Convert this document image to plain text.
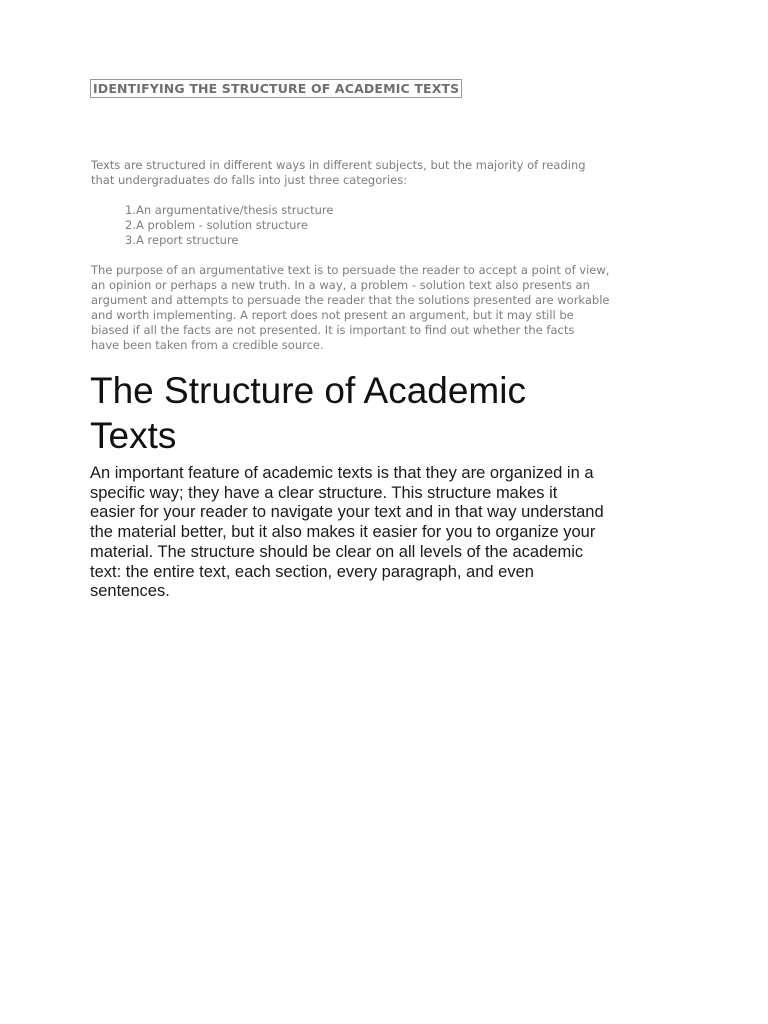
IDENTIFYING THE STRUCTURE OF ACADEMIC TEXTS

Texts are structured in different ways in different subjects, but the majority of reading
that undergraduates do falls into just three categories:

1. An argumentative/thesis structure
2. A problem - solution structure
3. A report structure

The purpose of an argumentative text is to persuade the reader to accept a point of view,
an opinion or perhaps a new truth. In a way, a problem - solution text also presents an
argument and attempts to persuade the reader that the solutions presented are workable
and worth implementing. A report does not present an argument, but it may still be
biased if all the facts are not presented. It is important to find out whether the facts
have been taken from a credible source.

The Structure of Academic
Texts

An important feature of academic texts is that they are organized in a
specific way; they have a clear structure. This structure makes it
easier for your reader to navigate your text and in that way understand
the material better, but it also makes it easier for you to organize your
material. The structure should be clear on all levels of the academic
text: the entire text, each section, every paragraph, and even
sentences.
